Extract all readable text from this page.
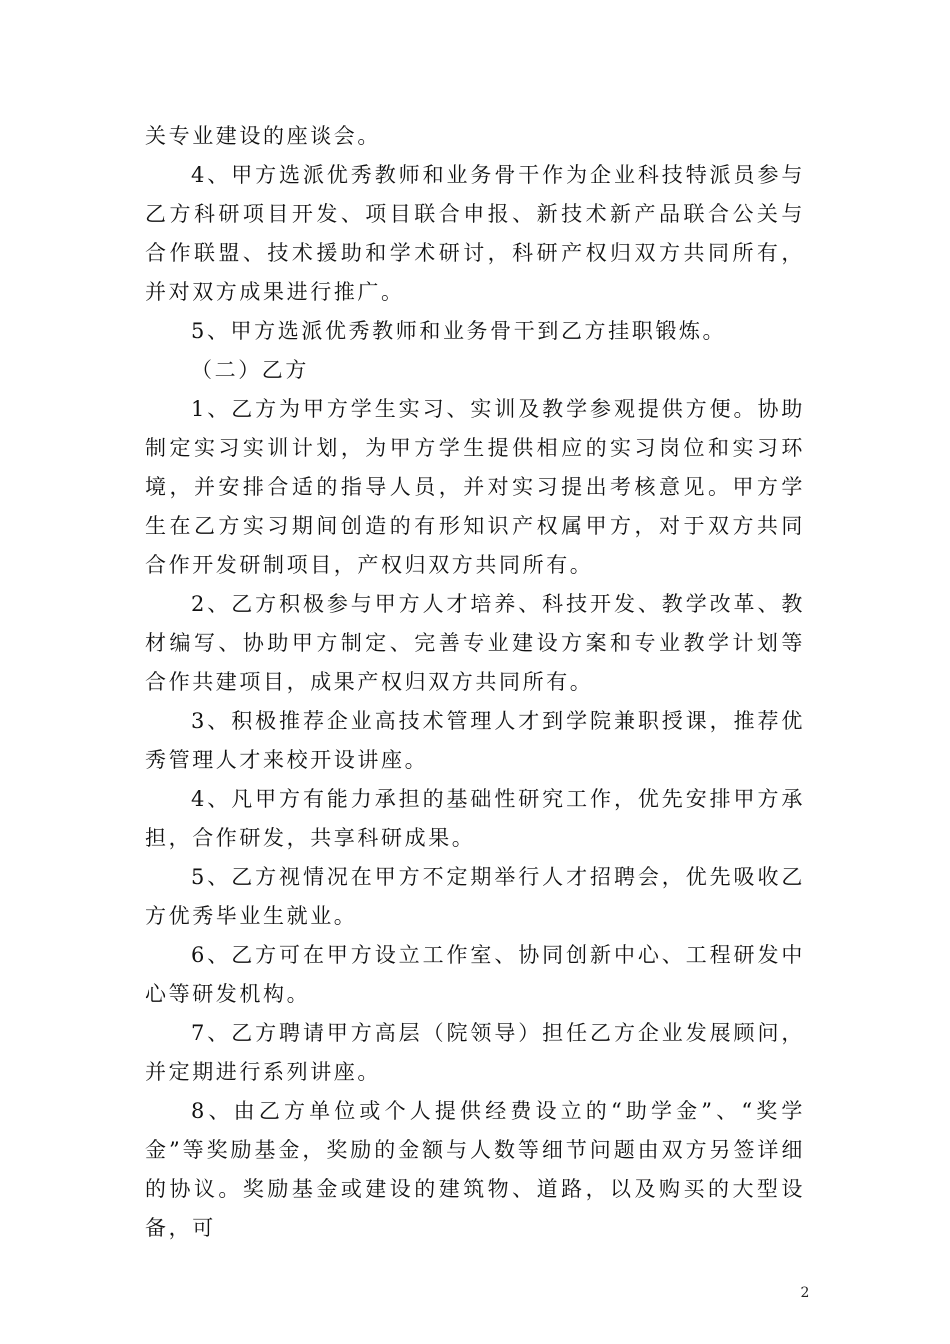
关专业建设的座谈会。

4、甲方选派优秀教师和业务骨干作为企业科技特派员参与乙方科研项目开发、项目联合申报、新技术新产品联合公关与合作联盟、技术援助和学术研讨，科研产权归双方共同所有，并对双方成果进行推广。

5、甲方选派优秀教师和业务骨干到乙方挂职锻炼。

（二）乙方

1、乙方为甲方学生实习、实训及教学参观提供方便。协助制定实习实训计划，为甲方学生提供相应的实习岗位和实习环境，并安排合适的指导人员，并对实习提出考核意见。甲方学生在乙方实习期间创造的有形知识产权属甲方，对于双方共同合作开发研制项目，产权归双方共同所有。

2、乙方积极参与甲方人才培养、科技开发、教学改革、教材编写、协助甲方制定、完善专业建设方案和专业教学计划等合作共建项目，成果产权归双方共同所有。

3、积极推荐企业高技术管理人才到学院兼职授课，推荐优秀管理人才来校开设讲座。

4、凡甲方有能力承担的基础性研究工作，优先安排甲方承担，合作研发，共享科研成果。

5、乙方视情况在甲方不定期举行人才招聘会，优先吸收乙方优秀毕业生就业。

6、乙方可在甲方设立工作室、协同创新中心、工程研发中心等研发机构。

7、乙方聘请甲方高层（院领导）担任乙方企业发展顾问，并定期进行系列讲座。

8、由乙方单位或个人提供经费设立的“助学金”、“奖学金”等奖励基金，奖励的金额与人数等细节问题由双方另签详细的协议。奖励基金或建设的建筑物、道路，以及购买的大型设备，可

2
